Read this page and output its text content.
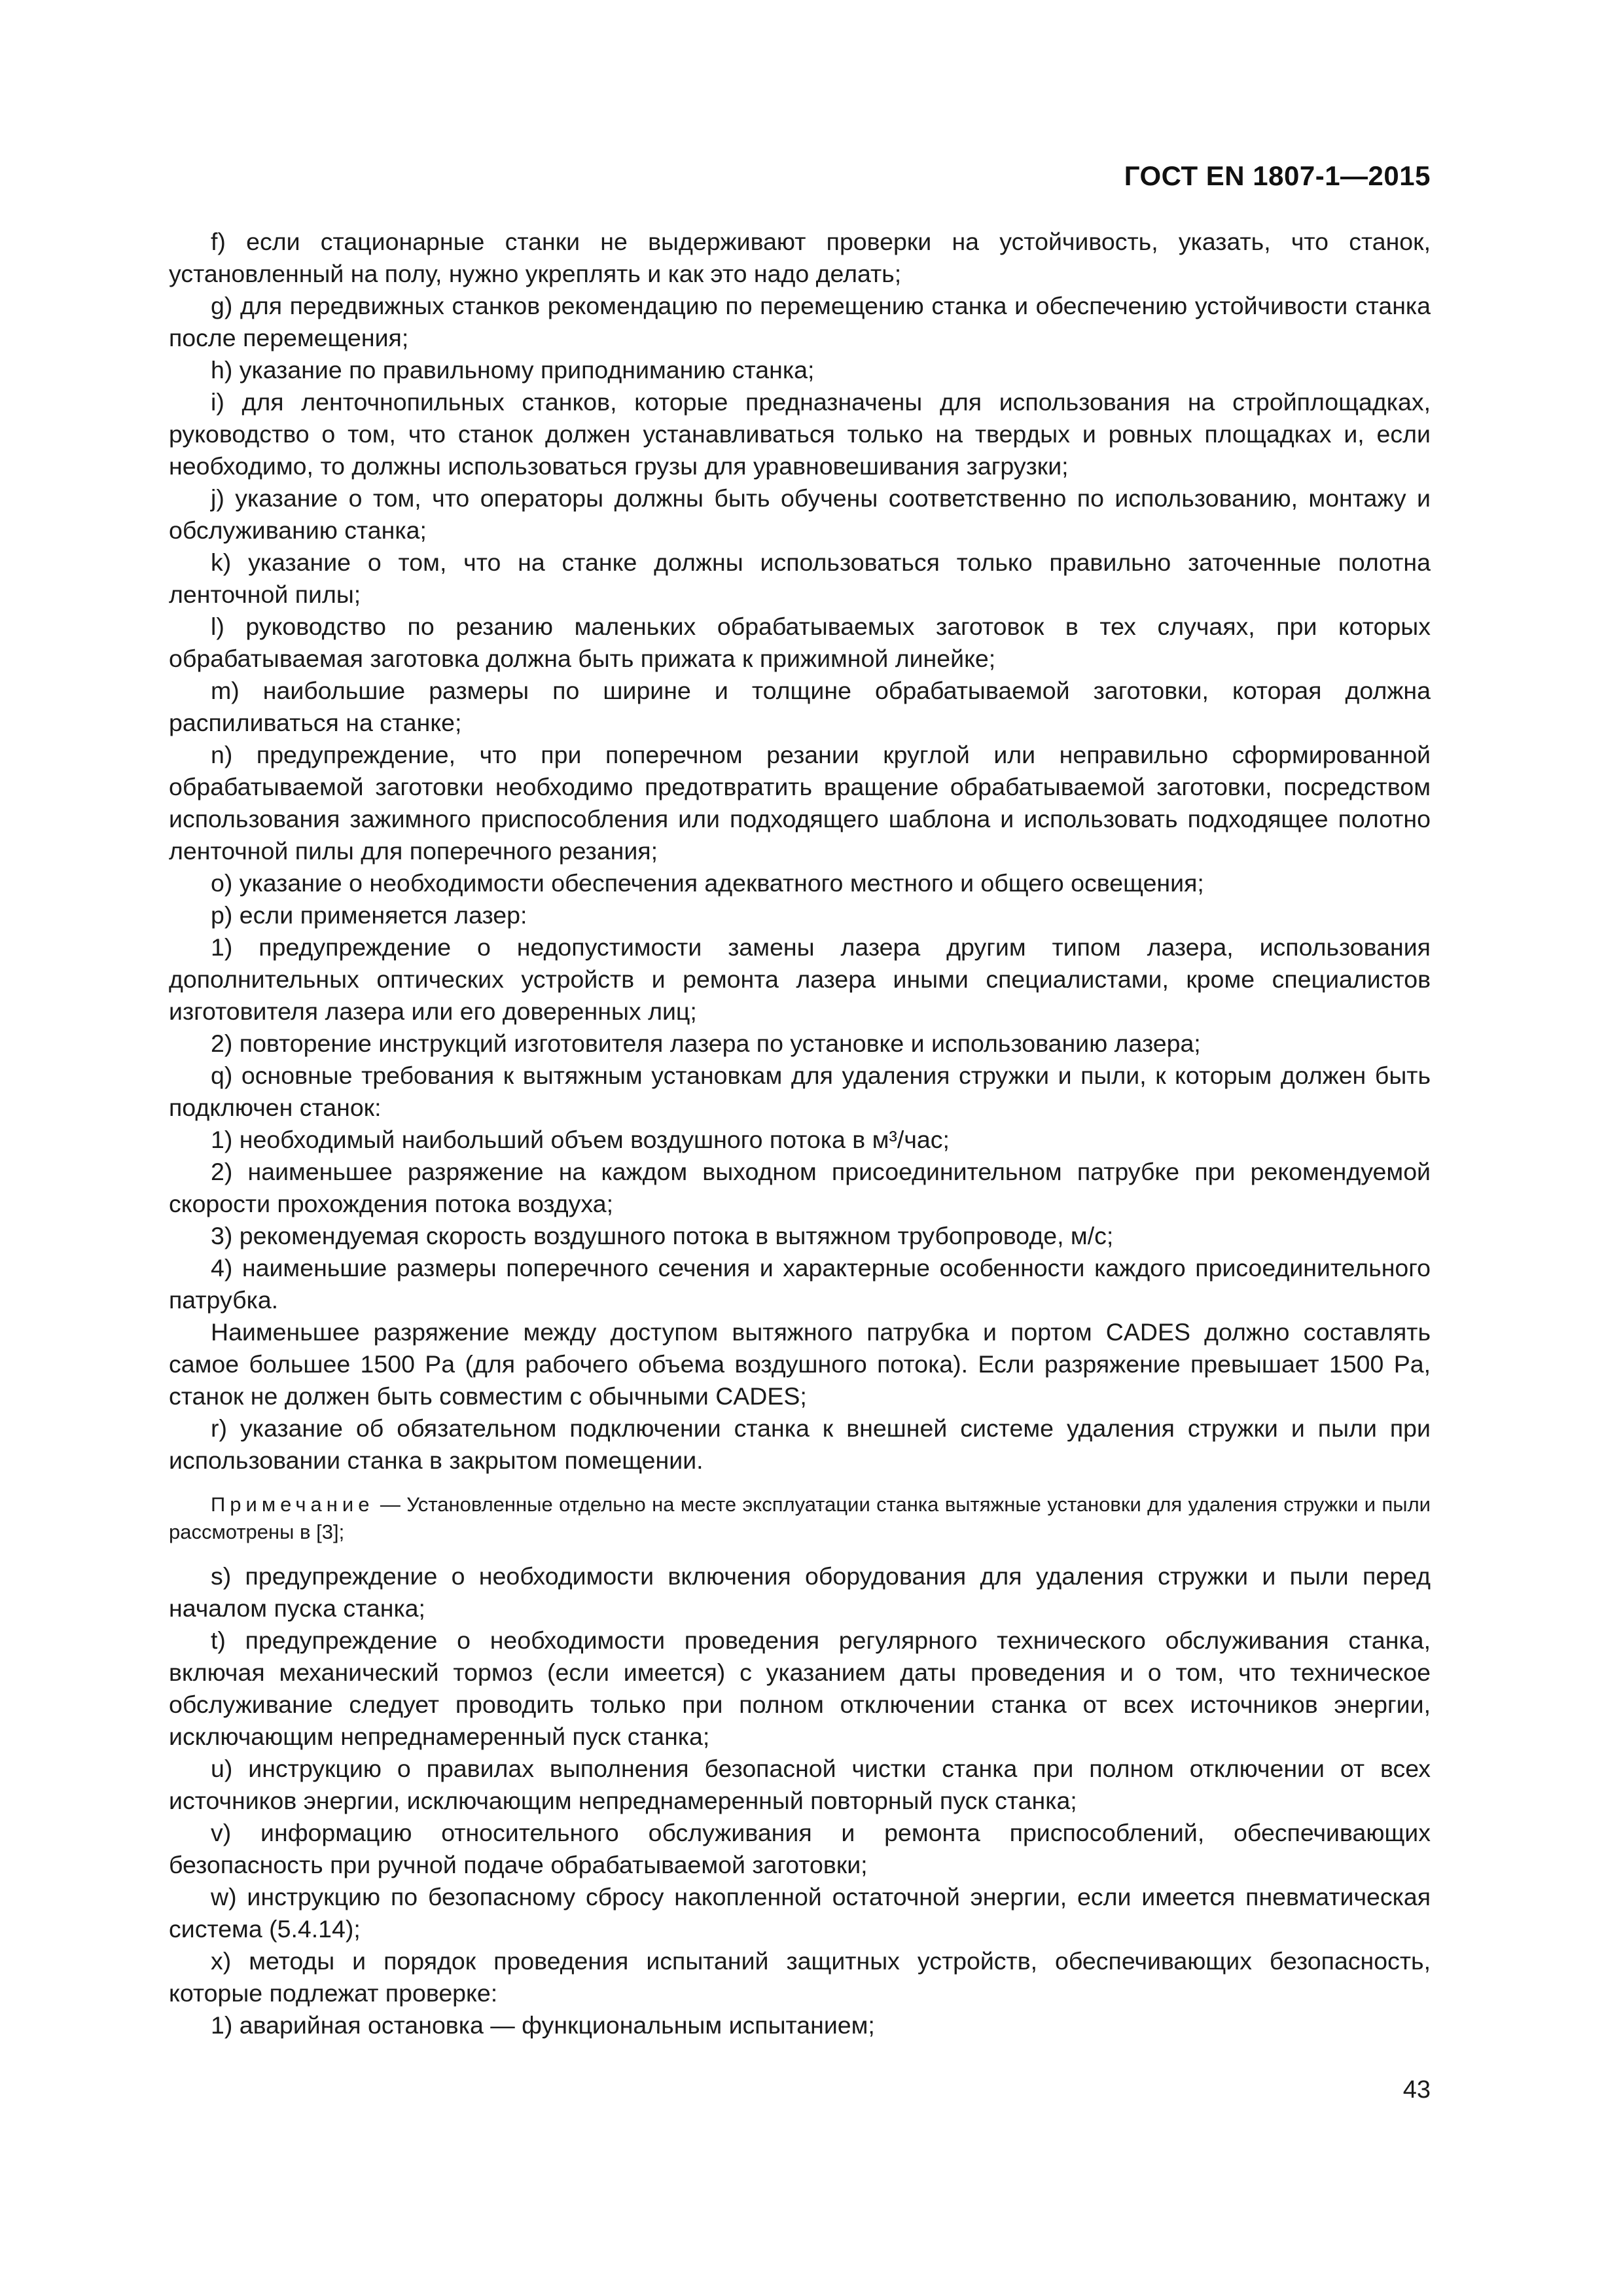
ГОСТ EN 1807-1—2015

f) если стационарные станки не выдерживают проверки на устойчивость, указать, что станок, установленный на полу, нужно укреплять и как это надо делать;

g) для передвижных станков рекомендацию по перемещению станка и обеспечению устойчивости станка после перемещения;

h) указание по правильному приподниманию станка;

i) для ленточнопильных станков, которые предназначены для использования на стройплощадках, руководство о том, что станок должен устанавливаться только на твердых и ровных площадках и, если необходимо, то должны использоваться грузы для уравновешивания загрузки;

j) указание о том, что операторы должны быть обучены соответственно по использованию, монтажу и обслуживанию станка;

k) указание о том, что на станке должны использоваться только правильно заточенные полотна ленточной пилы;

l) руководство по резанию маленьких обрабатываемых заготовок в тех случаях, при которых обрабатываемая заготовка должна быть прижата к прижимной линейке;

m) наибольшие размеры по ширине и толщине обрабатываемой заготовки, которая должна распиливаться на станке;

n) предупреждение, что при поперечном резании круглой или неправильно сформированной обрабатываемой заготовки необходимо предотвратить вращение обрабатываемой заготовки, посредством использования зажимного приспособления или подходящего шаблона и использовать подходящее полотно ленточной пилы для поперечного резания;

o) указание о необходимости обеспечения адекватного местного и общего освещения;

p) если применяется лазер:

1) предупреждение о недопустимости замены лазера другим типом лазера, использования дополнительных оптических устройств и ремонта лазера иными специалистами, кроме специалистов изготовителя лазера или его доверенных лиц;

2) повторение инструкций изготовителя лазера по установке и использованию лазера;

q) основные требования к вытяжным установкам для удаления стружки и пыли, к которым должен быть подключен станок:

1) необходимый наибольший объем воздушного потока в м³/час;

2) наименьшее разряжение на каждом выходном присоединительном патрубке при рекомендуемой скорости прохождения потока воздуха;

3) рекомендуемая скорость воздушного потока в вытяжном трубопроводе, м/с;

4) наименьшие размеры поперечного сечения и характерные особенности каждого присоединительного патрубка.

Наименьшее разряжение между доступом вытяжного патрубка и портом CADES должно составлять самое большее 1500 Pa (для рабочего объема воздушного потока). Если разряжение превышает 1500 Pa, станок не должен быть совместим с обычными CADES;

r) указание об обязательном подключении станка к внешней системе удаления стружки и пыли при использовании станка в закрытом помещении.

Примечание — Установленные отдельно на месте эксплуатации станка вытяжные установки для удаления стружки и пыли рассмотрены в [3];

s) предупреждение о необходимости включения оборудования для удаления стружки и пыли перед началом пуска станка;

t) предупреждение о необходимости проведения регулярного технического обслуживания станка, включая механический тормоз (если имеется) с указанием даты проведения и о том, что техническое обслуживание следует проводить только при полном отключении станка от всех источников энергии, исключающим непреднамеренный пуск станка;

u) инструкцию о правилах выполнения безопасной чистки станка при полном отключении от всех источников энергии, исключающим непреднамеренный повторный пуск станка;

v) информацию относительного обслуживания и ремонта приспособлений, обеспечивающих безопасность при ручной подаче обрабатываемой заготовки;

w) инструкцию по безопасному сбросу накопленной остаточной энергии, если имеется пневматическая система (5.4.14);

x) методы и порядок проведения испытаний защитных устройств, обеспечивающих безопасность, которые подлежат проверке:

1) аварийная остановка — функциональным испытанием;

43
